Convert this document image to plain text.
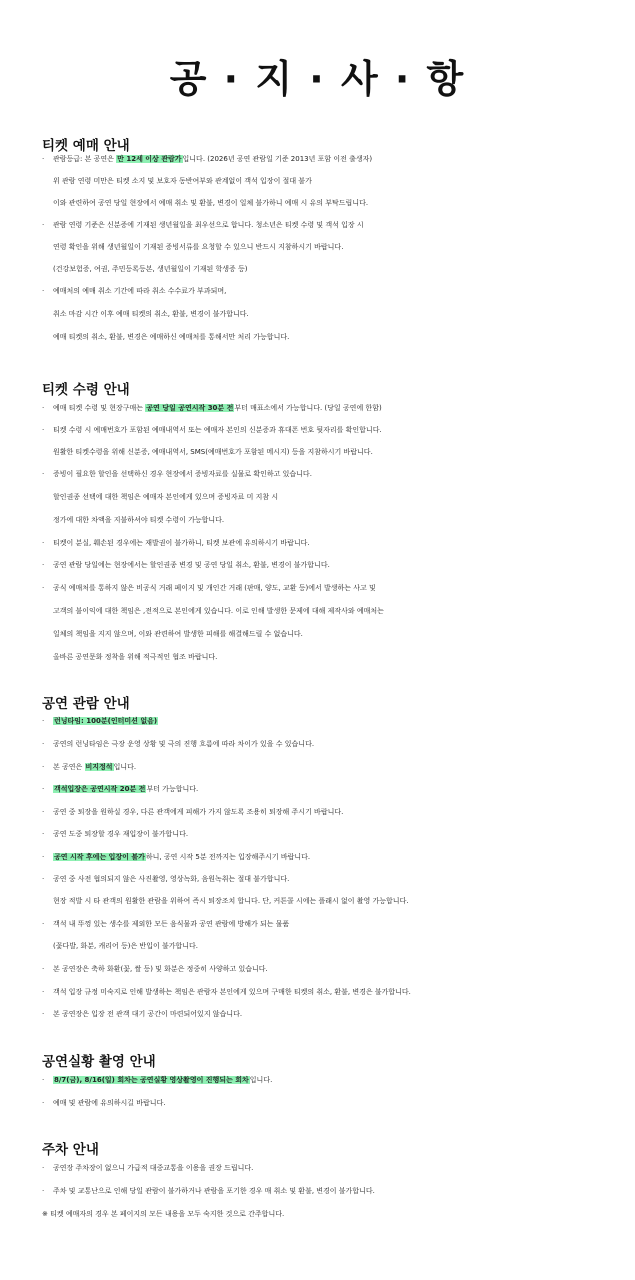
공 · 지 · 사 · 항
티켓 예매 안내
· 관람등급: 본 공연은 만 12세 이상 관람가입니다. (2026년 공연 관람일 기준 2013년 포함 이전 출생자)
위 관람 연령 미만은 티켓 소지 및 보호자 동반여부와 관계없이 객석 입장이 절대 불가
이와 관련하여 공연 당일 현장에서 예매 취소 및 환불, 변경이 일체 불가하니 예매 시 유의 부탁드립니다.
· 관람 연령 기준은 신분증에 기재된 생년월일을 최우선으로 합니다. 청소년은 티켓 수령 및 객석 입장 시
연령 확인을 위해 생년월일이 기재된 증빙서류를 요청할 수 있으니 반드시 지참하시기 바랍니다.
(건강보험증, 여권, 주민등록등본, 생년월일이 기재된 학생증 등)
· 예매처의 예매 취소 기간에 따라 취소 수수료가 부과되며,
취소 마감 시간 이후 예매 티켓의 취소, 환불, 변경이 불가합니다.
예매 티켓의 취소, 환불, 변경은 예매하신 예매처를 통해서만 처리 가능합니다.
티켓 수령 안내
· 예매 티켓 수령 및 현장구매는 공연 당일 공연시작 30분 전부터 매표소에서 가능합니다. (당일 공연에 한함)
· 티켓 수령 시 예매번호가 포함된 예매내역서 또는 예매자 본인의 신분증과 휴대폰 번호 뒷자리를 확인합니다.
원활한 티켓수령을 위해 신분증, 예매내역서, SMS(예매번호가 포함된 메시지) 등을 지참하시기 바랍니다.
· 증빙이 필요한 할인을 선택하신 경우 현장에서 증빙자료를 실물로 확인하고 있습니다.
할인권종 선택에 대한 책임은 예매자 본인에게 있으며 증빙자료 미 지참 시
정가에 대한 차액을 지불하셔야 티켓 수령이 가능합니다.
· 티켓이 분실, 훼손된 경우에는 재발권이 불가하니, 티켓 보관에 유의하시기 바랍니다.
· 공연 관람 당일에는 현장에서는 할인권종 변경 및 공연 당일 취소, 환불, 변경이 불가합니다.
· 공식 예매처를 통하지 않은 비공식 거래 페이지 및 개인간 거래 (판매, 양도, 교환 등)에서 발생하는 사고 및
고객의 불이익에 대한 책임은 ,전적으로 본인에게 있습니다. 이로 인해 발생한 문제에 대해 제작사와 예매처는
일체의 책임을 지지 않으며, 이와 관련하여 발생한 피해를 해결해드릴 수 없습니다.
올바른 공연문화 정착을 위해 적극적인 협조 바랍니다.
공연 관람 안내
· 런닝타임: 100분(인터미션 없음)
· 공연의 런닝타임은 극장 운영 상황 및 극의 진행 흐름에 따라 차이가 있을 수 있습니다.
· 본 공연은 비지정석입니다.
· 객석입장은 공연시작 20분 전부터 가능합니다.
· 공연 중 퇴장을 원하실 경우, 다른 관객에게 피해가 가지 않도록 조용히 퇴장해 주시기 바랍니다.
· 공연 도중 퇴장할 경우 재입장이 불가합니다.
· 공연 시작 후에는 입장이 불가하니, 공연 시작 5분 전까지는 입장해주시기 바랍니다.
· 공연 중 사전 협의되지 않은 사진촬영, 영상녹화, 음원녹취는 절대 불가합니다.
현장 적발 시 타 관객의 원활한 관람을 위하여 즉시 퇴장조치 합니다. 단, 커튼콜 시에는 플래시 없이 촬영 가능합니다.
· 객석 내 뚜껑 있는 생수를 제외한 모든 음식물과 공연 관람에 방해가 되는 물품
(꽃다발, 화분, 캐리어 등)은 반입이 불가합니다.
· 본 공연장은 축하 화환(꽃, 쌀 등) 및 화분은 정중히 사양하고 있습니다.
· 객석 입장 규정 미숙지로 인해 발생하는 책임은 관람자 본인에게 있으며 구매한 티켓의 취소, 환불, 변경은 불가합니다.
· 본 공연장은 입장 전 관객 대기 공간이 마련되어있지 않습니다.
공연실황 촬영 안내
· 8/7(금), 8/16(일) 회차는 공연실황 영상촬영이 진행되는 회차입니다.
· 예매 및 관람에 유의하시길 바랍니다.
주차 안내
· 공연장 주차장이 없으니 가급적 대중교통을 이용을 권장 드립니다.
· 주차 및 교통난으로 인해 당일 관람이 불가하거나 관람을 포기한 경우 매 취소 및 환불, 변경이 불가합니다.
※ 티켓 예매자의 경우 본 페이지의 모든 내용을 모두 숙지한 것으로 간주합니다.
